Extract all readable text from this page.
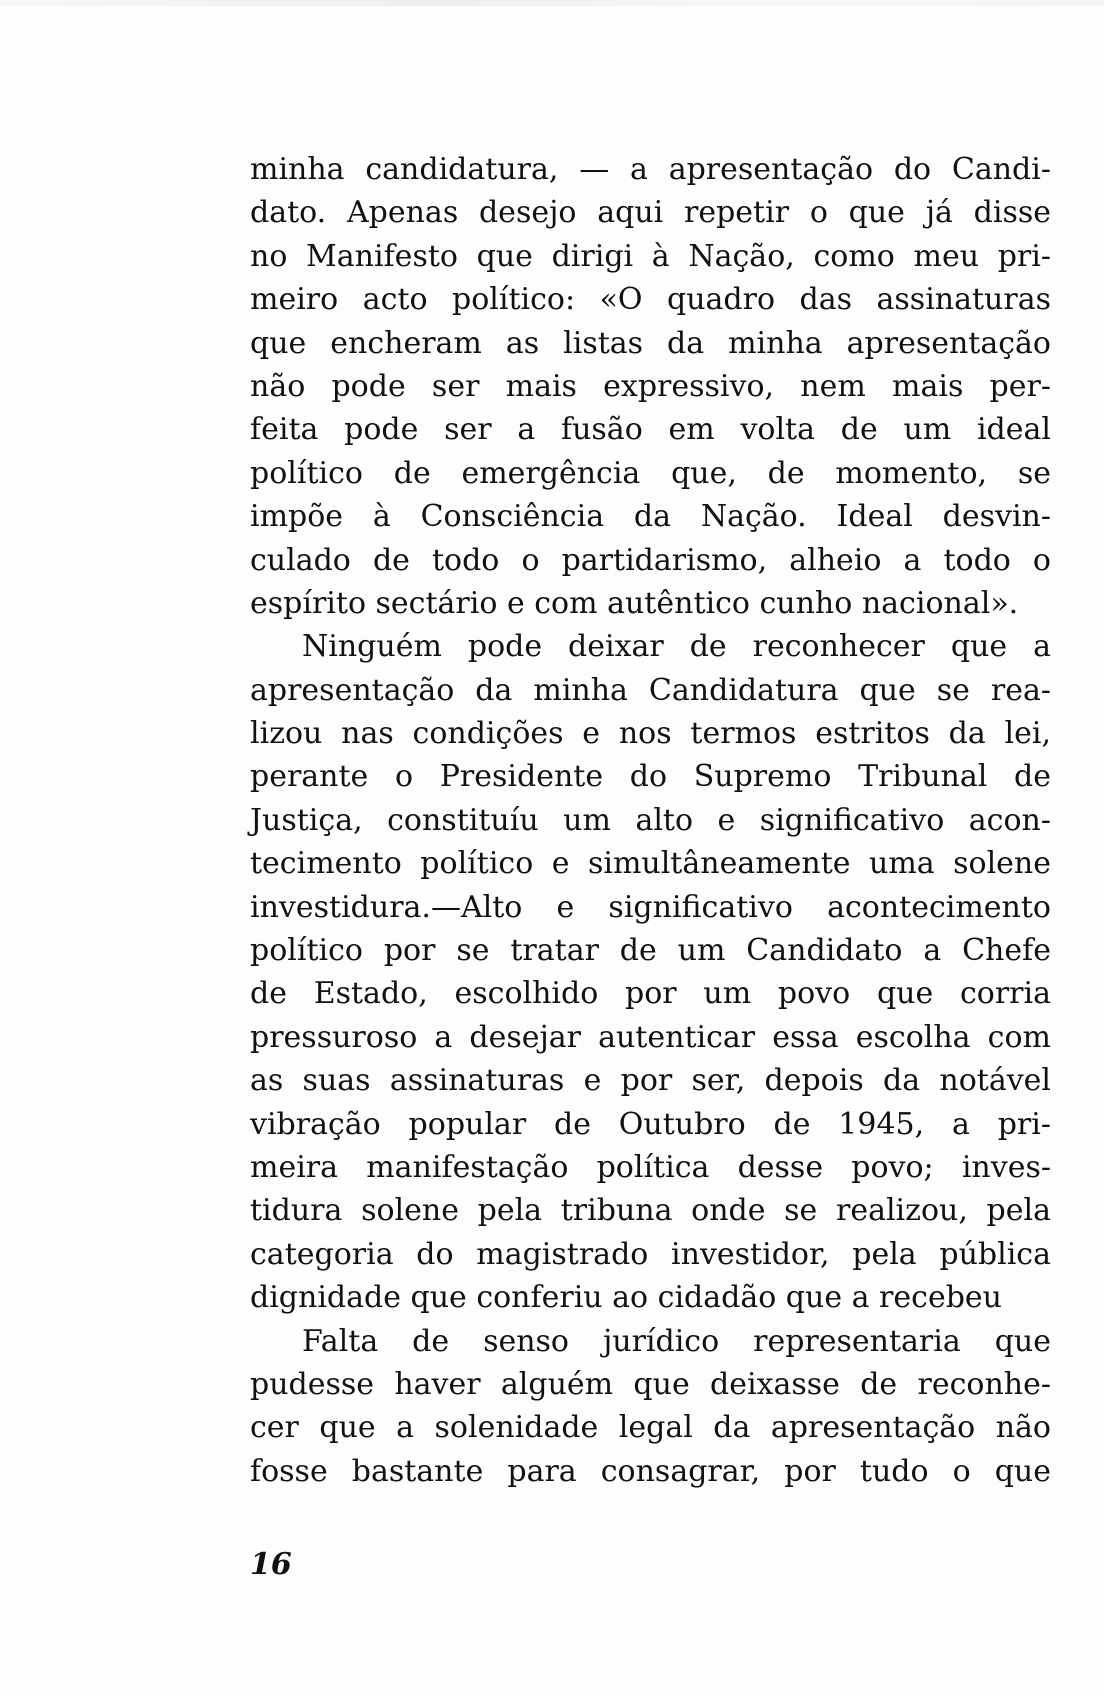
minha candidatura, — a apresentação do Candi-
dato. Apenas desejo aqui repetir o que já disse
no Manifesto que dirigi à Nação, como meu pri-
meiro acto político: «O quadro das assinaturas
que encheram as listas da minha apresentação
não pode ser mais expressivo, nem mais per-
feita pode ser a fusão em volta de um ideal
político de emergência que, de momento, se
impõe à Consciência da Nação. Ideal desvin-
culado de todo o partidarismo, alheio a todo o
espírito sectário e com autêntico cunho nacional».
Ninguém pode deixar de reconhecer que a
apresentação da minha Candidatura que se rea-
lizou nas condições e nos termos estritos da lei,
perante o Presidente do Supremo Tribunal de
Justiça, constituíu um alto e significativo acon-
tecimento político e simultâneamente uma solene
investidura.—Alto e significativo acontecimento
político por se tratar de um Candidato a Chefe
de Estado, escolhido por um povo que corria
pressuroso a desejar autenticar essa escolha com
as suas assinaturas e por ser, depois da notável
vibração popular de Outubro de 1945, a pri-
meira manifestação política desse povo; inves-
tidura solene pela tribuna onde se realizou, pela
categoria do magistrado investidor, pela pública
dignidade que conferiu ao cidadão que a recebeu
Falta de senso jurídico representaria que
pudesse haver alguém que deixasse de reconhe-
cer que a solenidade legal da apresentação não
fosse bastante para consagrar, por tudo o que
16
